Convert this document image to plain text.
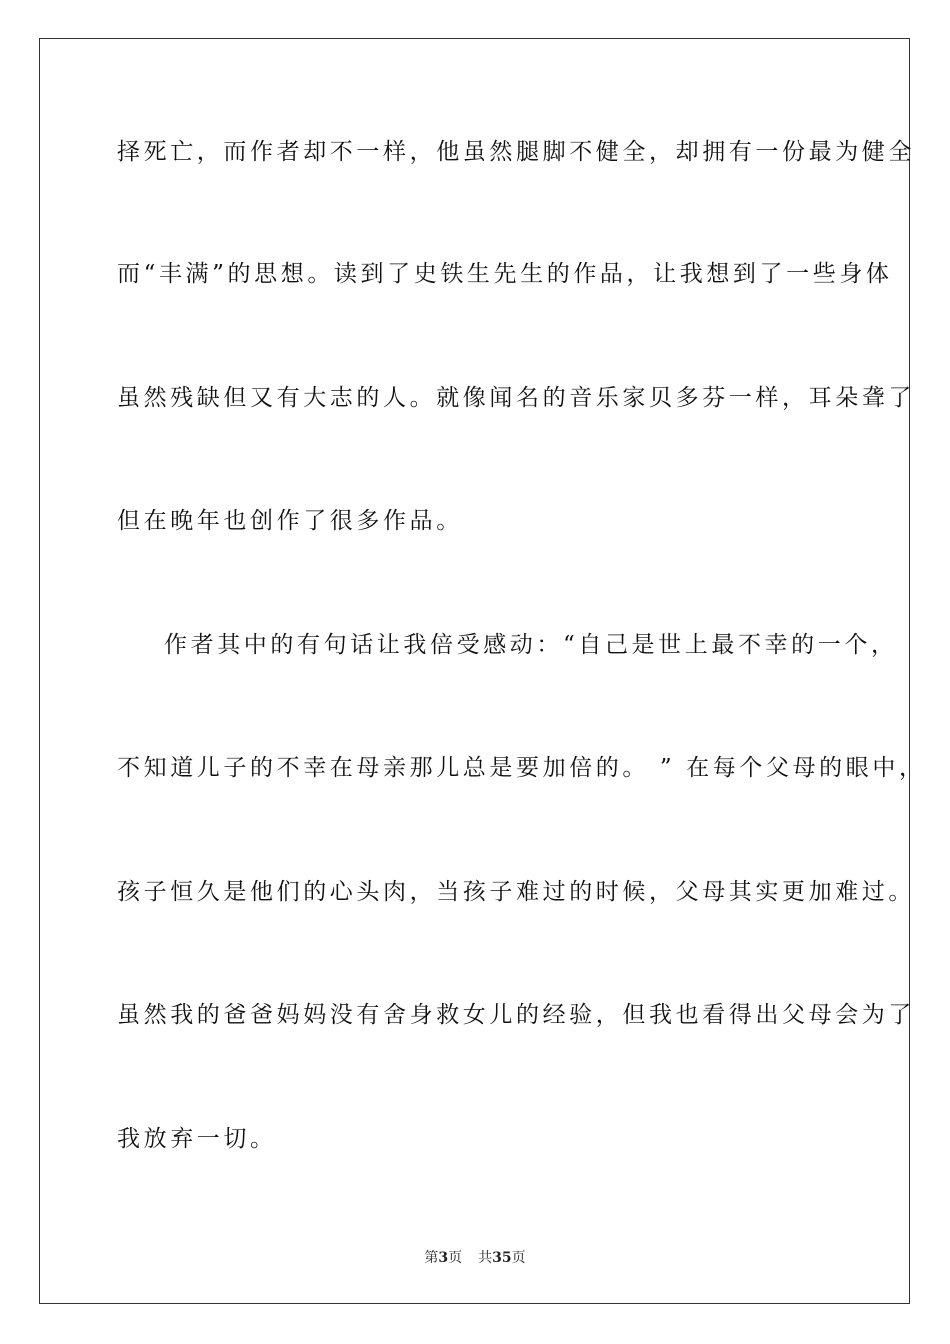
择死亡，而作者却不一样，他虽然腿脚不健全，却拥有一份最为健全
而“丰满”的思想。读到了史铁生先生的作品，让我想到了一些身体
虽然残缺但又有大志的人。就像闻名的音乐家贝多芬一样，耳朵聋了
但在晚年也创作了很多作品。
作者其中的有句话让我倍受感动：“自己是世上最不幸的一个，
不知道儿子的不幸在母亲那儿总是要加倍的。 ” 在每个父母的眼中，
孩子恒久是他们的心头肉，当孩子难过的时候，父母其实更加难过。
虽然我的爸爸妈妈没有舍身救女儿的经验，但我也看得出父母会为了
我放弃一切。
第3页 共35页
